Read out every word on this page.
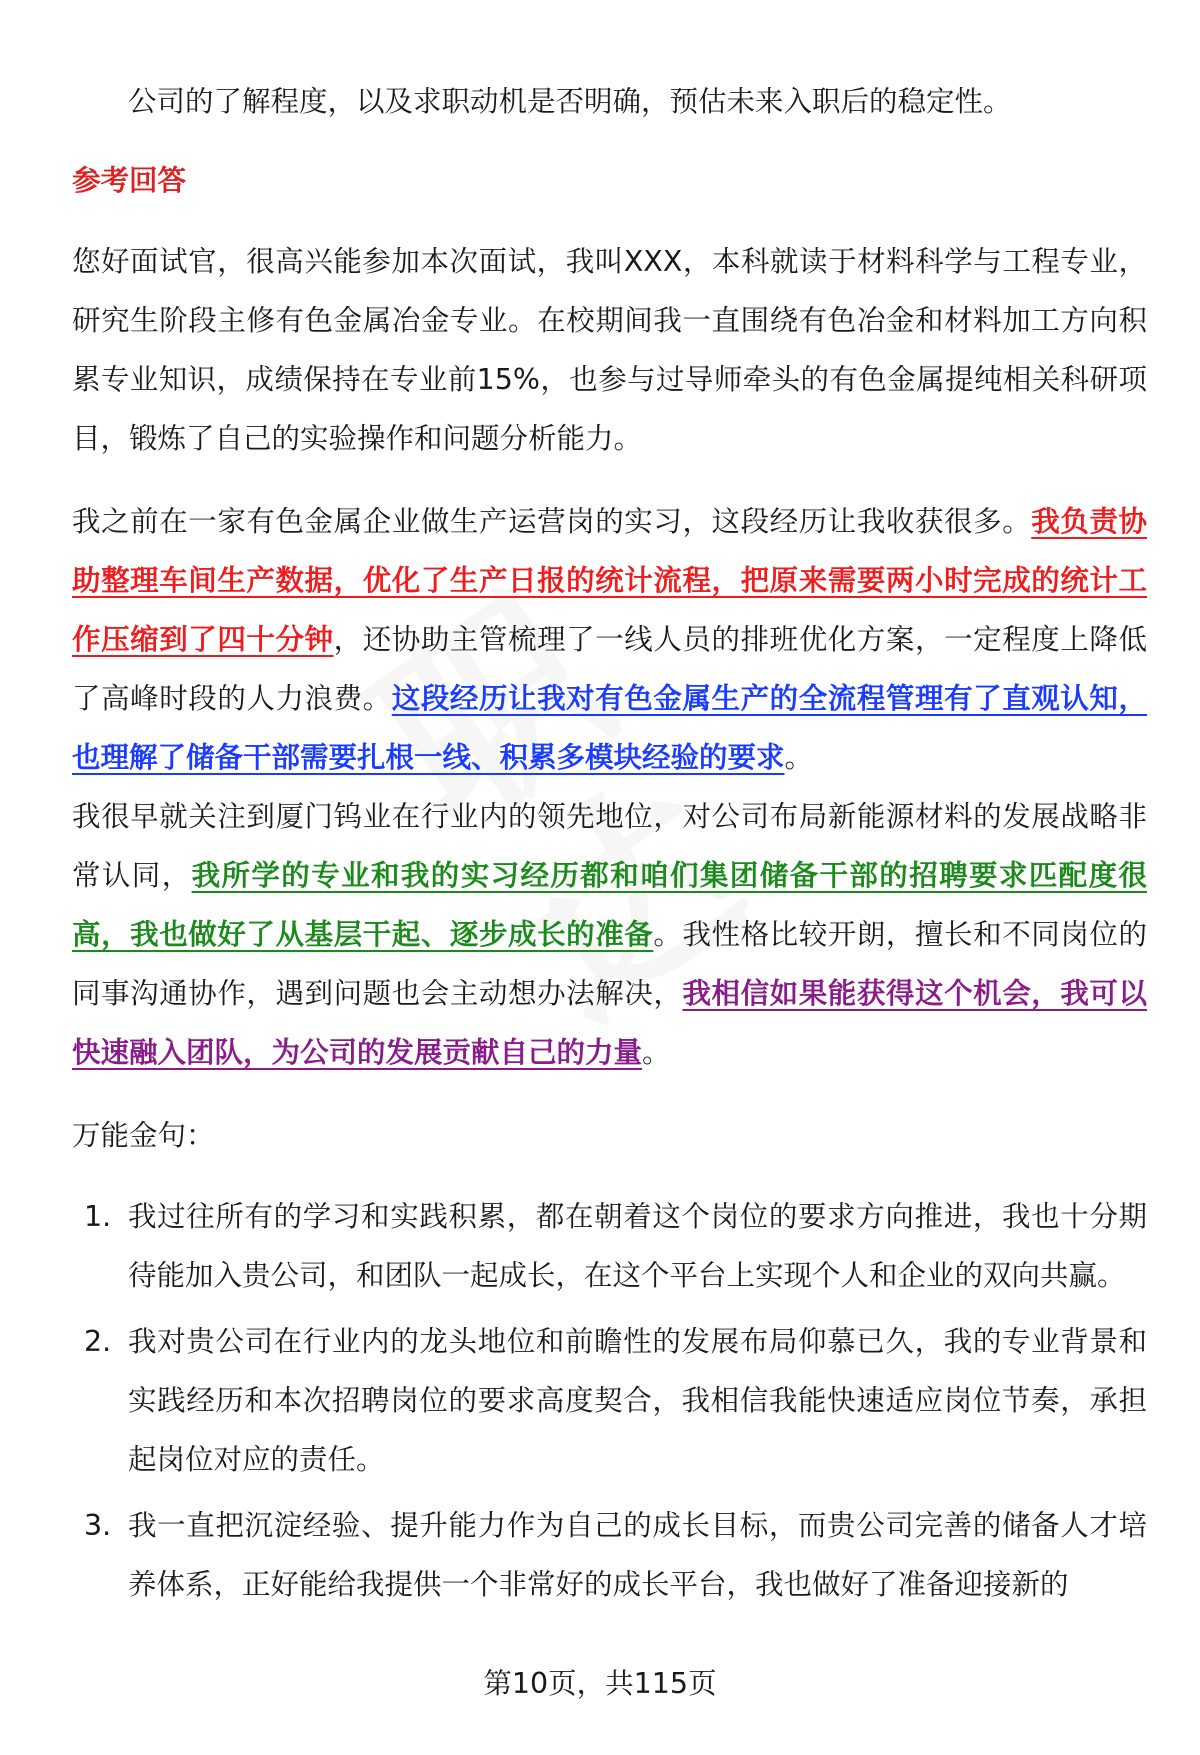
公司的了解程度，以及求职动机是否明确，预估未来入职后的稳定性。

参考回答

您好面试官，很高兴能参加本次面试，我叫XXX，本科就读于材料科学与工程专业，研究生阶段主修有色金属冶金专业。在校期间我一直围绕有色冶金和材料加工方向积累专业知识，成绩保持在专业前15%，也参与过导师牵头的有色金属提纯相关科研项目，锻炼了自己的实验操作和问题分析能力。

我之前在一家有色金属企业做生产运营岗的实习，这段经历让我收获很多。我负责协助整理车间生产数据，优化了生产日报的统计流程，把原来需要两小时完成的统计工作压缩到了四十分钟，还协助主管梳理了一线人员的排班优化方案，一定程度上降低了高峰时段的人力浪费。这段经历让我对有色金属生产的全流程管理有了直观认知，也理解了储备干部需要扎根一线、积累多模块经验的要求。

我很早就关注到厦门钨业在行业内的领先地位，对公司布局新能源材料的发展战略非常认同，我所学的专业和我的实习经历都和咱们集团储备干部的招聘要求匹配度很高，我也做好了从基层干起、逐步成长的准备。我性格比较开朗，擅长和不同岗位的同事沟通协作，遇到问题也会主动想办法解决，我相信如果能获得这个机会，我可以快速融入团队，为公司的发展贡献自己的力量。

万能金句：

1. 我过往所有的学习和实践积累，都在朝着这个岗位的要求方向推进，我也十分期待能加入贵公司，和团队一起成长，在这个平台上实现个人和企业的双向共赢。
2. 我对贵公司在行业内的龙头地位和前瞻性的发展布局仰慕已久，我的专业背景和实践经历和本次招聘岗位的要求高度契合，我相信我能快速适应岗位节奏，承担起岗位对应的责任。
3. 我一直把沉淀经验、提升能力作为自己的成长目标，而贵公司完善的储备人才培养体系，正好能给我提供一个非常好的成长平台，我也做好了准备迎接新的
第10页，共115页
